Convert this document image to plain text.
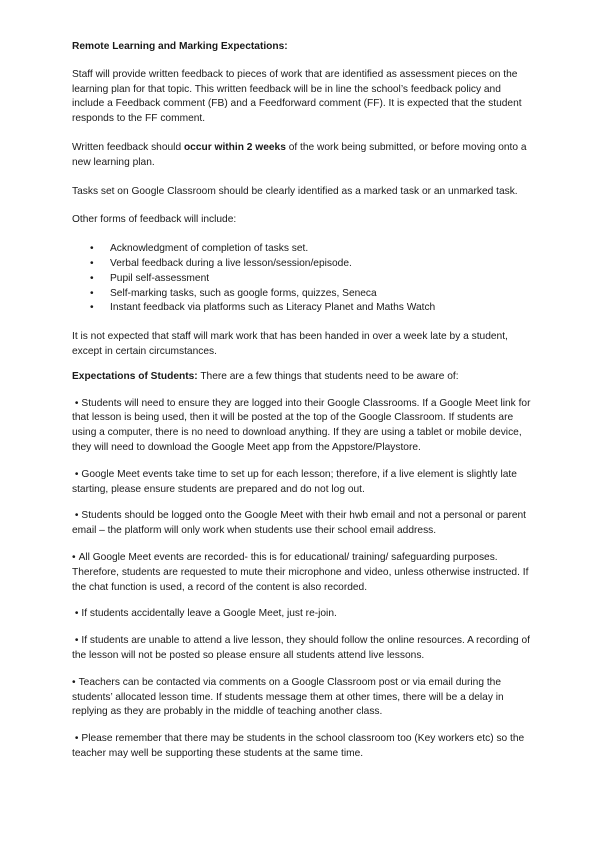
Remote Learning and Marking Expectations:

Staff will provide written feedback to pieces of work that are identified as assessment pieces on the learning plan for that topic. This written feedback will be in line the school’s feedback policy and include a Feedback comment (FB) and a Feedforward comment (FF). It is expected that the student responds to the FF comment.

Written feedback should occur within 2 weeks of the work being submitted, or before moving onto a new learning plan.

Tasks set on Google Classroom should be clearly identified as a marked task or an unmarked task.

Other forms of feedback will include:

• Acknowledgment of completion of tasks set.
• Verbal feedback during a live lesson/session/episode.
• Pupil self-assessment
• Self-marking tasks, such as google forms, quizzes, Seneca
• Instant feedback via platforms such as Literacy Planet and Maths Watch

It is not expected that staff will mark work that has been handed in over a week late by a student, except in certain circumstances.

Expectations of Students: There are a few things that students need to be aware of:

• Students will need to ensure they are logged into their Google Classrooms. If a Google Meet link for that lesson is being used, then it will be posted at the top of the Google Classroom. If students are using a computer, there is no need to download anything. If they are using a tablet or mobile device, they will need to download the Google Meet app from the Appstore/Playstore.

• Google Meet events take time to set up for each lesson; therefore, if a live element is slightly late starting, please ensure students are prepared and do not log out.

• Students should be logged onto the Google Meet with their hwb email and not a personal or parent email – the platform will only work when students use their school email address.

• All Google Meet events are recorded- this is for educational/ training/ safeguarding purposes. Therefore, students are requested to mute their microphone and video, unless otherwise instructed. If the chat function is used, a record of the content is also recorded.

• If students accidentally leave a Google Meet, just re-join.

• If students are unable to attend a live lesson, they should follow the online resources. A recording of the lesson will not be posted so please ensure all students attend live lessons.

• Teachers can be contacted via comments on a Google Classroom post or via email during the students’ allocated lesson time. If students message them at other times, there will be a delay in replying as they are probably in the middle of teaching another class.

• Please remember that there may be students in the school classroom too (Key workers etc) so the teacher may well be supporting these students at the same time.
